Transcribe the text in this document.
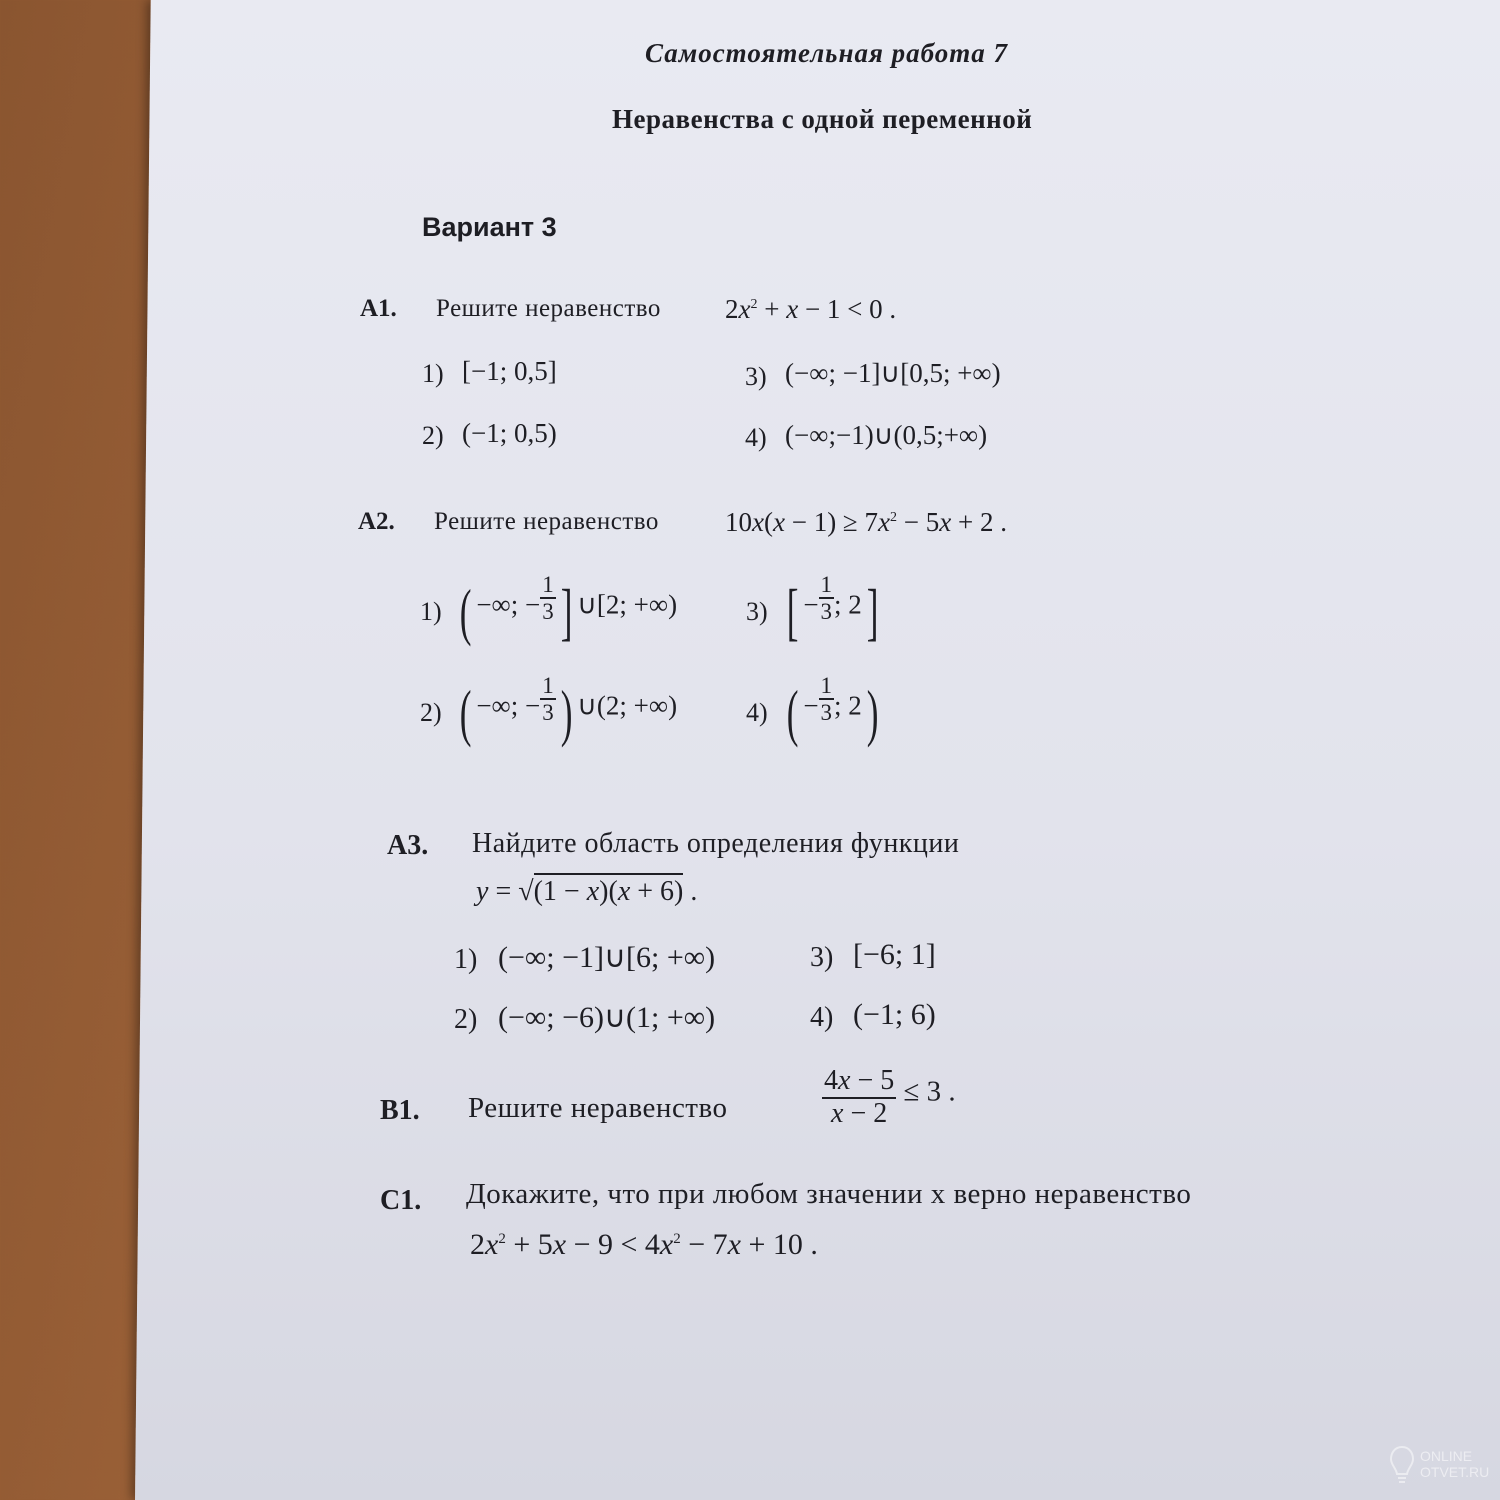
Самостоятельная работа 7
Неравенства с одной переменной
Вариант 3
А1. Решите неравенство $2x^2 + x - 1 < 0$ .
1) [−1; 0,5]
2) (−1; 0,5)
3) (−∞; −1]∪[0,5; +∞)
4) (−∞;−1)∪(0,5;+∞)
А2. Решите неравенство $10x(x - 1) \ge 7x^2 - 5x + 2$ .
1) ( −∞; − $\frac{1}{3}$ ] ∪[2; +∞)
2) ( −∞; − $\frac{1}{3}$ ) ∪(2; +∞)
3) [ − $\frac{1}{3}$ ; 2]
4) ( − $\frac{1}{3}$ ; 2)
А3. Найдите область определения функции
y = √(1 − x)(x + 6) .
1) (−∞; −1]∪[6; +∞)
2) (−∞; −6)∪(1; +∞)
3) [−6; 1]
4) (−1; 6)
В1. Решите неравенство	$\frac{4x - 5}{x - 2} \le 3$ .
С1. Докажите, что при любом значении x верно неравенство
$2x^2 + 5x - 9 < 4x^2 - 7x + 10$ .
ONLINE
OTVET.RU
